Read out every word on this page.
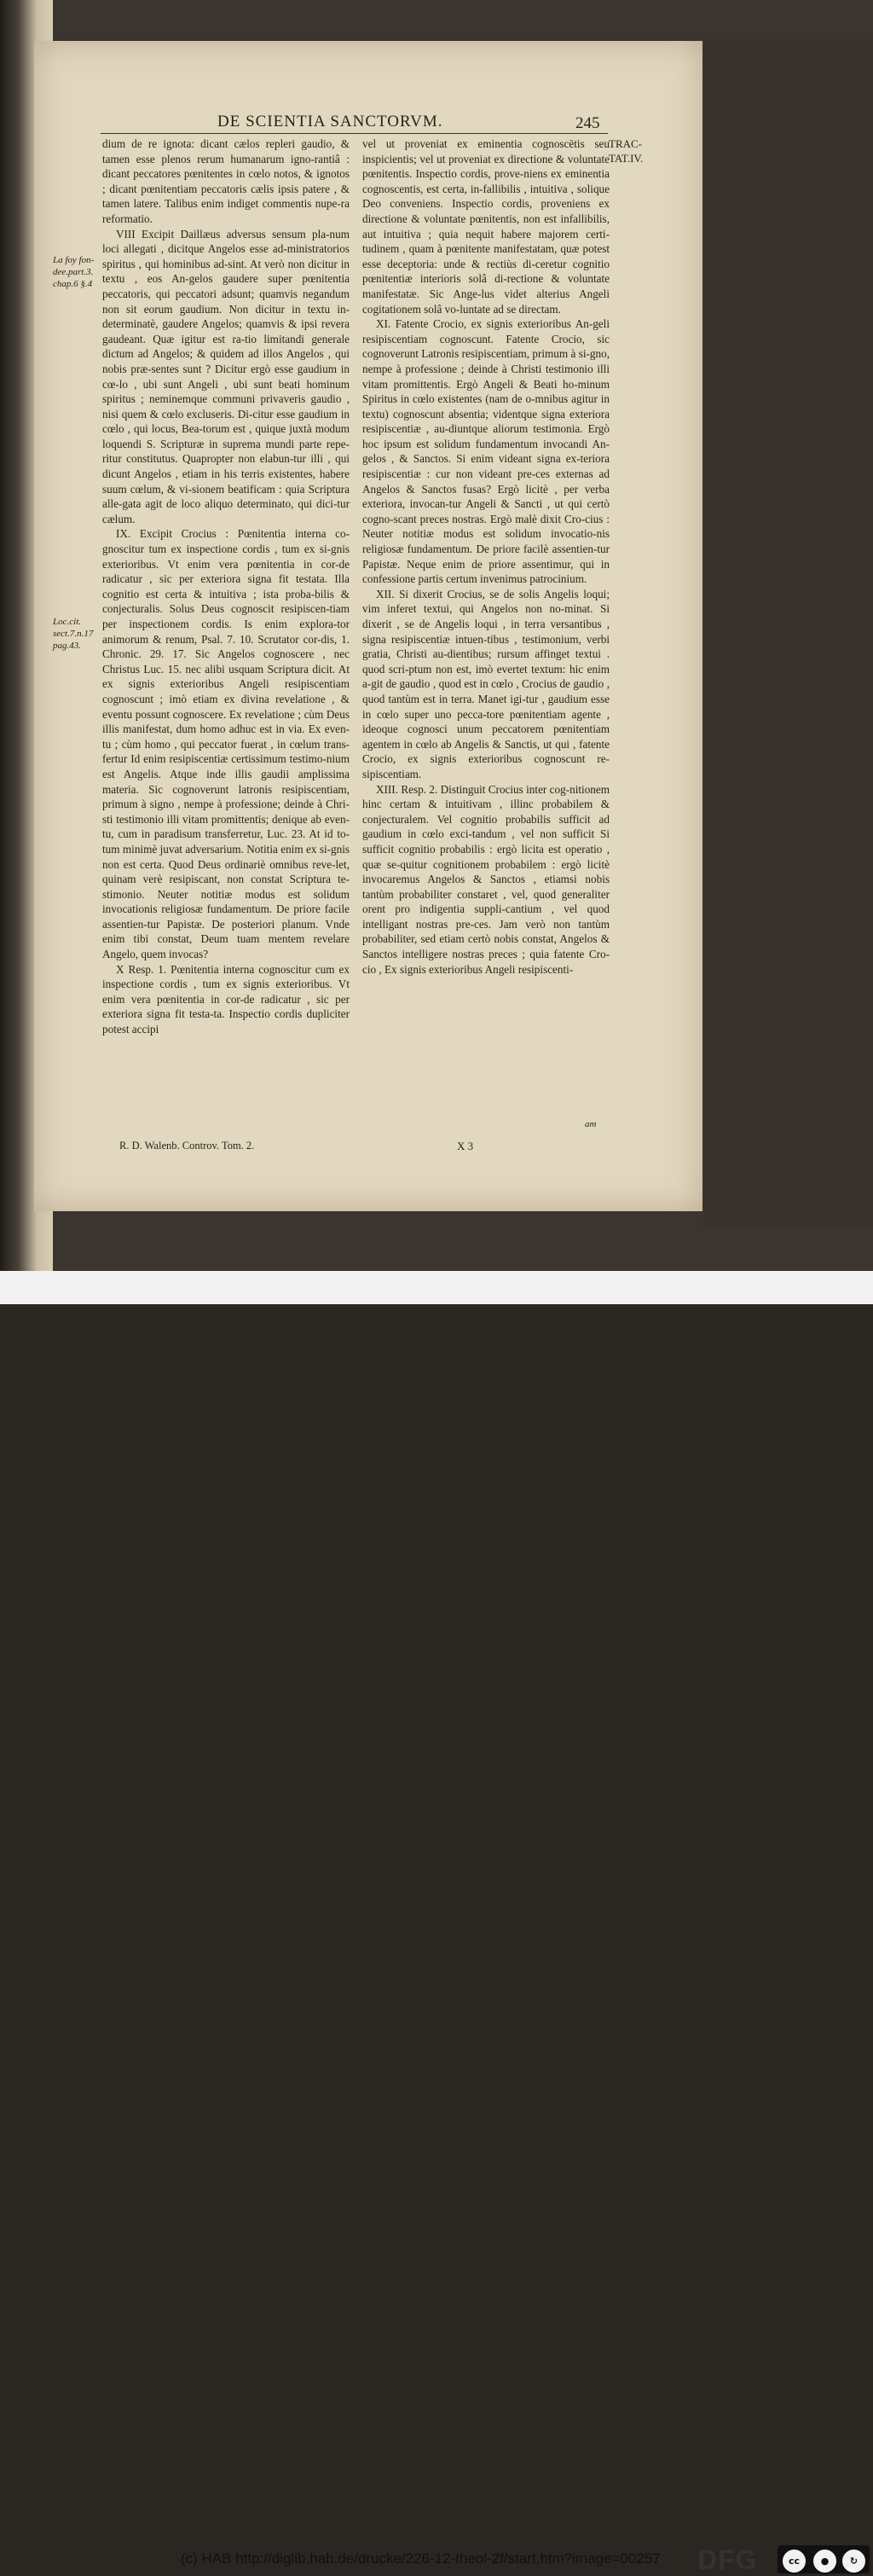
DE SCIENTIA SANCTORVM.	245
TRAC-
TAT.IV.
La foy fon-
dee.part.3.
chap.6 §.4
Loc.cit.
sect.7.n.17
pag.43.

dium de re ignota: dicant cælos repleri gaudio, & tamen esse plenos rerum humanarum igno-rantiâ : dicant peccatores pœnitentes in cœlo notos, & ignotos ; dicant pœnitentiam peccatoris cælis ipsis patere , & tamen latere. Talibus enim indiget commentis nupe-ra reformatio.

VIII Excipit Daillæus adversus sensum pla-num loci allegati , dicitque Angelos esse ad-ministratorios spiritus , qui hominibus ad-sint. At verò non dicitur in textu , eos An-gelos gaudere super pœnitentia peccatoris, qui peccatori adsunt; quamvis negandum non sit eorum gaudium. Non dicitur in textu in-determinatè, gaudere Angelos; quamvis & ipsi revera gaudeant. Quæ igitur est ra-tio limitandi generale dictum ad Angelos; & quidem ad illos Angelos , qui nobis præ-sentes sunt ? Dicitur ergò esse gaudium in cœ-lo , ubi sunt Angeli , ubi sunt beati hominum spiritus ; neminemque communi privaveris gaudio , nisi quem & cœlo excluseris. Di-citur esse gaudium in cœlo , qui locus, Bea-torum est , quique juxtà modum loquendi S. Scripturæ in suprema mundi parte repe-ritur constitutus. Quapropter non elabun-tur illi , qui dicunt Angelos , etiam in his terris existentes, habere suum cœlum, & vi-sionem beatificam : quia Scriptura alle-gata agit de loco aliquo determinato, qui dici-tur cælum.

IX. Excipit Crocius : Pœnitentia interna co-gnoscitur tum ex inspectione cordis , tum ex si-gnis exterioribus. Vt enim vera pœnitentia in cor-de radicatur , sic per exteriora signa fit testata. Illa cognitio est certa & intuitiva ; ista proba-bilis & conjecturalis. Solus Deus cognoscit resipiscen-tiam per inspectionem cordis. Is enim explora-tor animorum & renum, Psal. 7. 10. Scrutator cor-dis, 1. Chronic. 29. 17. Sic Angelos cognoscere , nec Christus Luc. 15. nec alibi usquam Scriptura dicit. At ex signis exterioribus Angeli resipiscentiam cognoscunt ; imò etiam ex divina revelatione , & eventu possunt cognoscere. Ex revelatione ; cùm Deus illis manifestat, dum homo adhuc est in via. Ex even-tu ; cùm homo , qui peccator fuerat , in cœlum trans-fertur Id enim resipiscentiæ certissimum testimo-nium est Angelis. Atque inde illis gaudii amplissima materia. Sic cognoverunt latronis resipiscentiam, primum à signo , nempe à professione; deinde à Chri-sti testimonio illi vitam promittentis; denique ab even-tu, cum in paradisum transferretur, Luc. 23. At id to-tum minimè juvat adversarium. Notitia enim ex si-gnis non est certa. Quod Deus ordinariè omnibus reve-let, quinam verè resipiscant, non constat Scriptura te-stimonio. Neuter notitiæ modus est solidum invocationis religiosæ fundamentum. De priore facile assentien-tur Papistæ. De posteriori planum. Vnde enim tibi constat, Deum tuam mentem revelare Angelo, quem invocas?

X Resp. 1. Pœnitentia interna cognoscitur cum ex inspectione cordis , tum ex signis exterioribus. Vt enim vera pœnitentia in cor-de radicatur , sic per exteriora signa fit testa-ta. Inspectio cordis dupliciter potest accipi

vel ut proveniat ex eminentia cognoscētis seu inspicientis; vel ut proveniat ex directione & voluntate pœnitentis. Inspectio cordis, prove-niens ex eminentia cognoscentis, est certa, in-fallibilis , intuitiva , solique Deo conveniens. Inspectio cordis, proveniens ex directione & voluntate pœnitentis, non est infallibilis, aut intuitiva ; quia nequit habere majorem certi-tudinem , quam à pœnitente manifestatam, quæ potest esse deceptoria: unde & rectiùs di-ceretur cognitio pœnitentiæ interioris solâ di-rectione & voluntate manifestatæ. Sic Ange-lus videt alterius Angeli cogitationem solâ vo-luntate ad se directam.

XI. Fatente Crocio, ex signis exterioribus An-geli resipiscentiam cognoscunt. Fatente Crocio, sic cognoverunt Latronis resipiscentiam, primum à si-gno, nempe à professione ; deinde à Christi testimonio illi vitam promittentis. Ergò Angeli & Beati ho-minum Spiritus in cœlo existentes (nam de o-mnibus agitur in textu) cognoscunt absentia; videntque signa exteriora resipiscentiæ , au-diuntque aliorum testimonia. Ergò hoc ipsum est solidum fundamentum invocandi An-gelos , & Sanctos. Si enim videant signa ex-teriora resipiscentiæ : cur non videant pre-ces externas ad Angelos & Sanctos fusas? Ergò licitè , per verba exteriora, invocan-tur Angeli & Sancti , ut qui certò cogno-scant preces nostras. Ergò malè dixit Cro-cius : Neuter notitiæ modus est solidum invocatio-nis religiosæ fundamentum. De priore facilè assentien-tur Papistæ. Neque enim de priore assentimur, qui in confessione partis certum invenimus patrocinium.

XII. Si dixerit Crocius, se de solis Angelis loqui; vim inferet textui, qui Angelos non no-minat. Si dixerit , se de Angelis loqui , in terra versantibus , signa resipiscentiæ intuen-tibus , testimonium, verbi gratia, Christi au-dientibus; rursum affinget textui . quod scri-ptum non est, imò evertet textum: hic enim a-git de gaudio , quod est in cœlo , Crocius de gaudio , quod tantùm est in terra. Manet igi-tur , gaudium esse in cœlo super uno pecca-tore pœnitentiam agente , ideoque cognosci unum peccatorem pœnitentiam agentem in cœlo ab Angelis & Sanctis, ut qui , fatente Crocio, ex signis exterioribus cognoscunt re-sipiscentiam.

XIII. Resp. 2. Distinguit Crocius inter cog-nitionem hinc certam & intuitivam , illinc probabilem & conjecturalem. Vel cognitio probabilis sufficit ad gaudium in cœlo exci-tandum , vel non sufficit Si sufficit cognitio probabilis : ergò licita est operatio , quæ se-quitur cognitionem probabilem : ergò licitè invocaremus Angelos & Sanctos , etiamsi nobis tantùm probabiliter constaret , vel, quod generaliter orent pro indigentia suppli-cantium , vel quod intelligant nostras pre-ces. Jam verò non tantùm probabiliter, sed etiam certò nobis constat, Angelos & Sanctos intelligere nostras preces ; quia fatente Cro-cio , Ex signis exterioribus Angeli resipiscenti-

R. D. Walenb. Controv. Tom. 2.	X 3
am
(c) HAB http://diglib.hab.de/drucke/226-12-theol-2f/start.htm?image=00257 DFG	cc	●	↻
BY	SA
